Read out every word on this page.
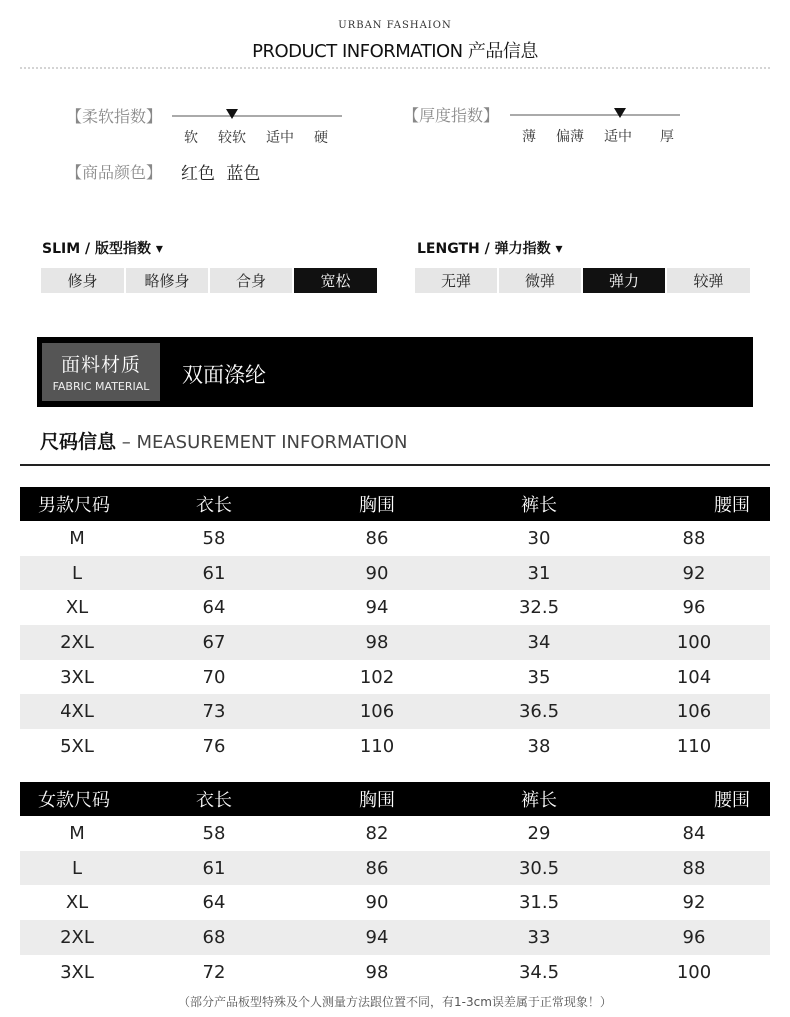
URBAN FASHAION
PRODUCT INFORMATION 产品信息
【柔软指数】
软	较软	适中	硬
【厚度指数】
薄	偏薄	适中	厚
【商品颜色】 红色 蓝色
SLIM / 版型指数 ▾
修身	略修身	合身	宽松
LENGTH / 弹力指数 ▾
无弹	微弹	弹力	较弹
面料材质
FABRIC MATERIAL	双面涤纶
尺码信息 – MEASUREMENT INFORMATION
男款尺码	衣长	胸围	裤长	腰围
M	58	86	30	88
L	61	90	31	92
XL	64	94	32.5	96
2XL	67	98	34	100
3XL	70	102	35	104
4XL	73	106	36.5	106
5XL	76	110	38	110
女款尺码	衣长	胸围	裤长	腰围
M	58	82	29	84
L	61	86	30.5	88
XL	64	90	31.5	92
2XL	68	94	33	96
3XL	72	98	34.5	100
（部分产品板型特殊及个人测量方法跟位置不同，有1-3cm误差属于正常现象！）
